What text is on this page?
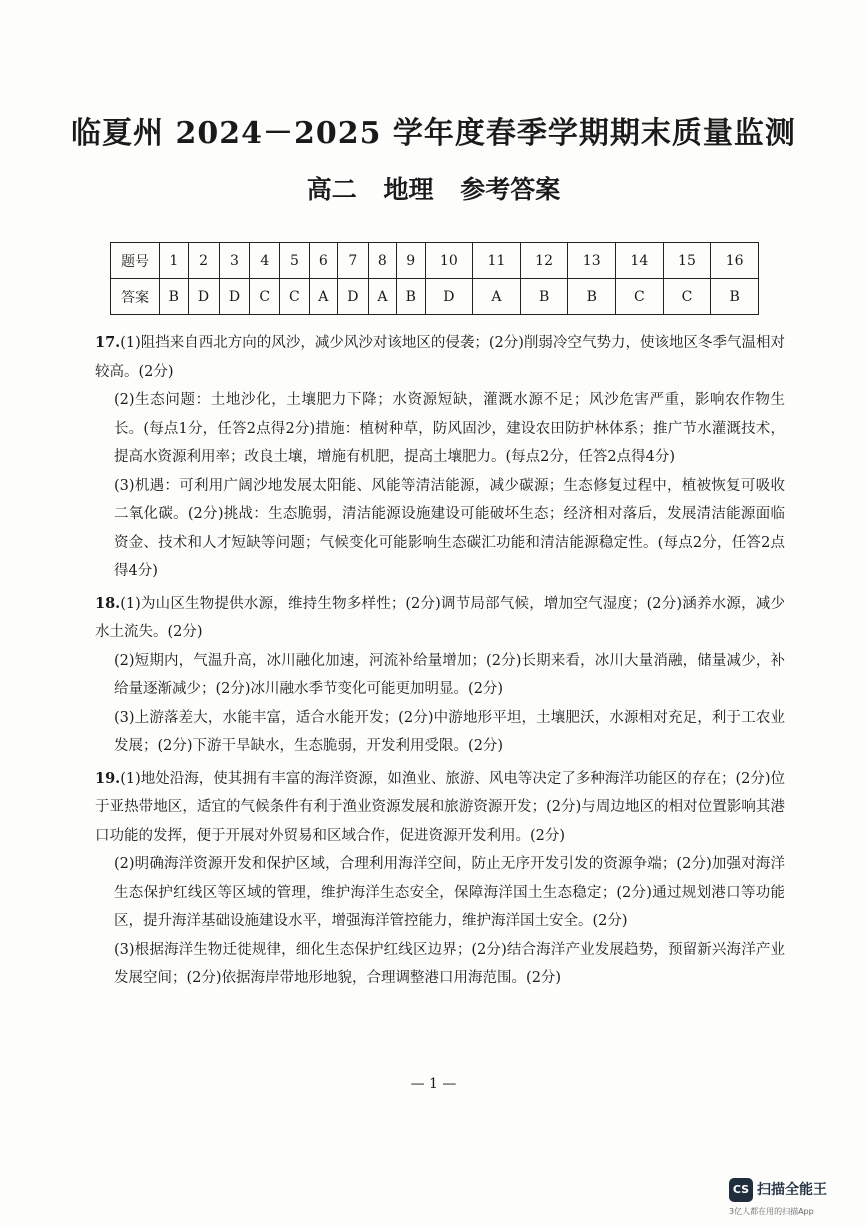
临夏州 2024－2025 学年度春季学期期末质量监测
高二 地理 参考答案
题号	1	2	3	4	5	6	7	8	9	10	11	12	13	14	15	16
答案	B	D	D	C	C	A	D	A	B	D	A	B	B	C	C	B

17.(1)阻挡来自西北方向的风沙，减少风沙对该地区的侵袭；(2分)削弱冷空气势力，使该地区冬季气温相对较高。(2分)

(2)生态问题：土地沙化，土壤肥力下降；水资源短缺，灌溉水源不足；风沙危害严重，影响农作物生长。(每点1分，任答2点得2分)措施：植树种草，防风固沙，建设农田防护林体系；推广节水灌溉技术，提高水资源利用率；改良土壤，增施有机肥，提高土壤肥力。(每点2分，任答2点得4分)

(3)机遇：可利用广阔沙地发展太阳能、风能等清洁能源，减少碳源；生态修复过程中，植被恢复可吸收二氧化碳。(2分)挑战：生态脆弱，清洁能源设施建设可能破坏生态；经济相对落后，发展清洁能源面临资金、技术和人才短缺等问题；气候变化可能影响生态碳汇功能和清洁能源稳定性。(每点2分，任答2点得4分)

18.(1)为山区生物提供水源，维持生物多样性；(2分)调节局部气候，增加空气湿度；(2分)涵养水源，减少水土流失。(2分)

(2)短期内，气温升高，冰川融化加速，河流补给量增加；(2分)长期来看，冰川大量消融，储量减少，补给量逐渐减少；(2分)冰川融水季节变化可能更加明显。(2分)

(3)上游落差大，水能丰富，适合水能开发；(2分)中游地形平坦，土壤肥沃，水源相对充足，利于工农业发展；(2分)下游干旱缺水，生态脆弱，开发利用受限。(2分)

19.(1)地处沿海，使其拥有丰富的海洋资源，如渔业、旅游、风电等决定了多种海洋功能区的存在；(2分)位于亚热带地区，适宜的气候条件有利于渔业资源发展和旅游资源开发；(2分)与周边地区的相对位置影响其港口功能的发挥，便于开展对外贸易和区域合作，促进资源开发利用。(2分)

(2)明确海洋资源开发和保护区域，合理利用海洋空间，防止无序开发引发的资源争端；(2分)加强对海洋生态保护红线区等区域的管理，维护海洋生态安全，保障海洋国土生态稳定；(2分)通过规划港口等功能区，提升海洋基础设施建设水平，增强海洋管控能力，维护海洋国土安全。(2分)

(3)根据海洋生物迁徙规律，细化生态保护红线区边界；(2分)结合海洋产业发展趋势，预留新兴海洋产业发展空间；(2分)依据海岸带地形地貌，合理调整港口用海范围。(2分)

— 1 —
CS 扫描全能王
3亿人都在用的扫描App
